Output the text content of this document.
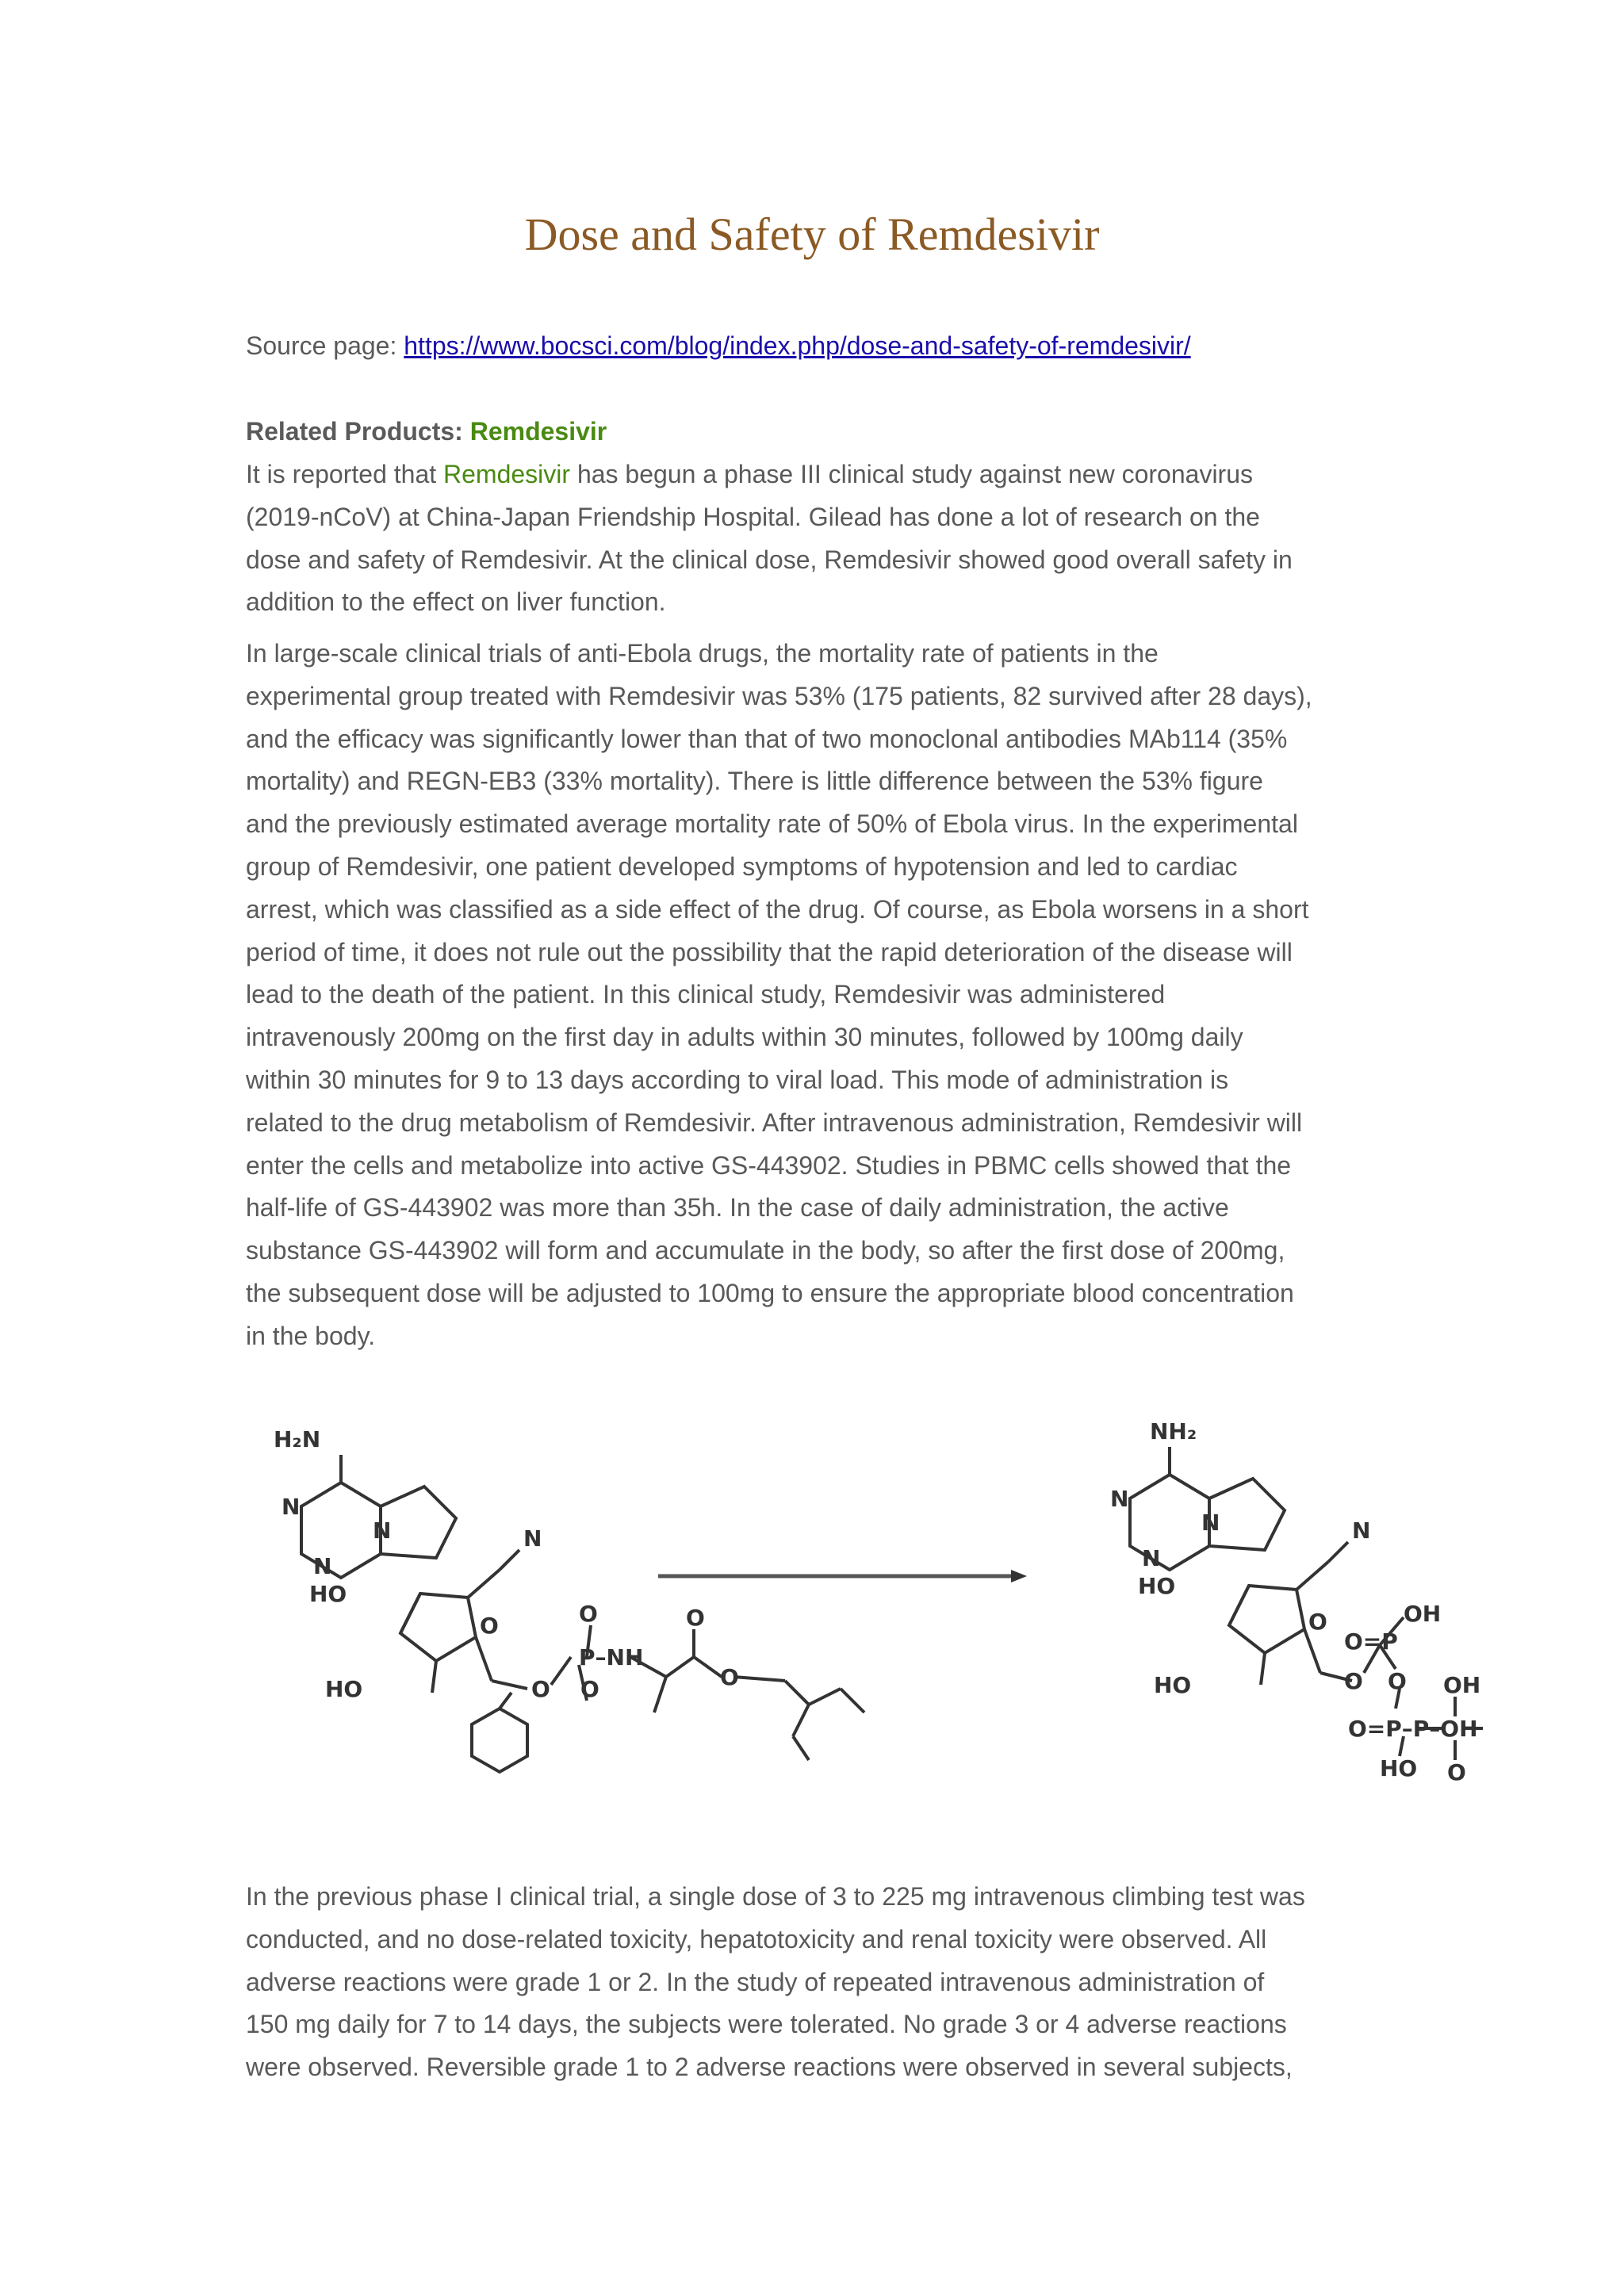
Dose and Safety of Remdesivir
Source page: https://www.bocsci.com/blog/index.php/dose-and-safety-of-remdesivir/
Related Products: Remdesivir
It is reported that Remdesivir has begun a phase III clinical study against new coronavirus
(2019-nCoV) at China-Japan Friendship Hospital. Gilead has done a lot of research on the
dose and safety of Remdesivir. At the clinical dose, Remdesivir showed good overall safety in
addition to the effect on liver function.
In large-scale clinical trials of anti-Ebola drugs, the mortality rate of patients in the
experimental group treated with Remdesivir was 53% (175 patients, 82 survived after 28 days),
and the efficacy was significantly lower than that of two monoclonal antibodies MAb114 (35%
mortality) and REGN-EB3 (33% mortality). There is little difference between the 53% figure
and the previously estimated average mortality rate of 50% of Ebola virus. In the experimental
group of Remdesivir, one patient developed symptoms of hypotension and led to cardiac
arrest, which was classified as a side effect of the drug. Of course, as Ebola worsens in a short
period of time, it does not rule out the possibility that the rapid deterioration of the disease will
lead to the death of the patient. In this clinical study, Remdesivir was administered
intravenously 200mg on the first day in adults within 30 minutes, followed by 100mg daily
within 30 minutes for 9 to 13 days according to viral load. This mode of administration is
related to the drug metabolism of Remdesivir. After intravenous administration, Remdesivir will
enter the cells and metabolize into active GS-443902. Studies in PBMC cells showed that the
half-life of GS-443902 was more than 35h. In the case of daily administration, the active
substance GS-443902 will form and accumulate in the body, so after the first dose of 200mg,
the subsequent dose will be adjusted to 100mg to ensure the appropriate blood concentration
in the body.
H₂N
N
N
N	N
HO
HO
O	O
P–NH
O O
O
O
NH₂
N
N
N	N
HO
HO
O	OH
O=P
O OH
O
O=P–P–OH
HO O
In the previous phase I clinical trial, a single dose of 3 to 225 mg intravenous climbing test was
conducted, and no dose-related toxicity, hepatotoxicity and renal toxicity were observed. All
adverse reactions were grade 1 or 2. In the study of repeated intravenous administration of
150 mg daily for 7 to 14 days, the subjects were tolerated. No grade 3 or 4 adverse reactions
were observed. Reversible grade 1 to 2 adverse reactions were observed in several subjects,
